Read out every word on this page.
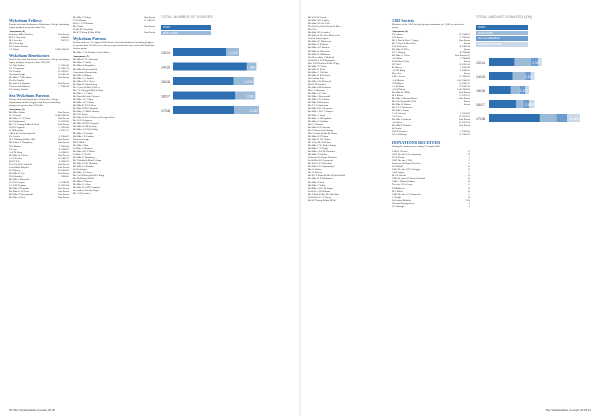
Wykeham Fellows
Donors who total donations to Winchester College (including legacy pledges) are greater than £1m
Anonymous (6)
Professor Mike Hockley	Past Parent
M D J Cheesman	1964-68
M A Leveller	1967-72
Mr R Loveday
The Linden Family
A J Whyte	ColB 1978-82
Wykeham Benefactors
Donors who total donations to Winchester College (including legacy pledges) are greater than £500,000
A J Hale Parkes	C 1965-69
J G P Ferguson	D 1965-70
D P Gordon	K 1963-67
Viscount Gough	B 1965-70
Mr Mike J T McAdam	Past Parent
The Ou Family
Mr John N P Bytman	Past Parent
F Peterworth-Murray	C 1969-58
The Vaskey Family
Sea Wykeham Patrons
Donors who total donations to Winchester College, Wykehamist and the Reggaes Sub Project (including pledges) are greater than £300,000
Anonymous (5)
Mr Mike Adlam	Past Parent
D C Fennell	ColB 1968-70
Mr Mike T C H Chan	Past Parent
K (Chaithaman)	D 1978-82
Mr C P Claring & Mrs K Duda	Past Parent
N DH Ferguson	C 1961-66
W Hollowbury	I 1967-71
Albert & Carolina Ipswich
J R Goolen	E 1964-67
Dr J H Zhang & Mrs A Ma	Past Parent
Mr Robert C Humphrey	Past Parent
D H Marlow	I 1963-64
J N Ayre	B 1983-87
A W M Kang	A 1986-91
Mr Mike K H Lam	Past Parent
J A H Lenden	K 1969-73
B M P R Li	E 1968-70
The Hon M D Ashfield	Past Parent
Lord Malik Mayhew	Past Parent
R S Morton	K 1963-67
Mr Mike D Foo	Past Parent
H M Steadley	1968-65
Mr Mike J Rainwald
J D N O Aragon	A 1946-49
J G P M Treamon	D 1963-66
Mr Mike P Thurstan	Past Parent
Ms Mike D I P Trace	Past Parent
Mr Mike P Unterannadel	Past Parent
Mr Mike A West	Past Parent
Mr Mike C Wheat	Past Parent
C R Williams	G 1985-91
& Dr C J S Williams
Mr T Watt	Past Parent
& Mrs M Chin-Watt
Mr M T Wong & Mrs M Mei	Past Parent
Wykeham Patrons
Donors with over 35 August 2018 Donors who total donations (including pledges) are greater than £10,000 over a five-year period and who have joined the Wykeham Patrons group
Mr Mike C J P Drolant, Sevier Mines
Anonymous (7)
Mr Mike D J L Alderman
Mr Mike C Amold
Mr Mike N Bengalloa
Mr Mike Bunchenthal &
Cornerstone Bandership
Mr Mike S Bishop
Mr Mike C G Burrell
Mr Mike S R V Chow
Mr Mike K Chiat Kuang
Mr J Chew & Mrs S M Lee
Mr C P Claring & Mrs K Duda
Mr Mike J C Clarke
Mr David & Lady Clement
Mr Mike A L Cobley
Mr Mike A D Collins
Mr Mike H P O G Dore
Mr Mike M H D Dunstan
Mr Mike A J Mahi Dunlop
Mr W D Endes
Mr Mike D W L Fellowes, Berenger Peters
Mr J G D Ferguson
Mr Mike M N H Ferguson
Mr Mike R J M Fernsby
Mr Mike A W M Gelding
Mr Mike J P Gordon
Mr Mike J R Grafton
Viscount Gough
Mr B Habib
Mr Mike J Hale
Dr Mike A Harrison
Mr Mike M J N Hinde
Dr Mike T H S Ho
Mr Mike D Humphrey
Mr Y Ichida & Mrs K Chang
Mr Mike P R K Hoffman
Mr Mike P S Hotaker
Dr R Johnston
Mr Mike A N Joyce
Mr A W M Kang & Mrs J Kang
Mr Mr Khaing Whelk
Mr Mike P Kameez
Mr Mike E A Kon
Mr Mike R L M U Lambert
Sir Andrew & Lady Large
Mr J A H Lenden
TOTAL NUMBER OF DONORS
OWS
NON-OWS
13/14	1,250
14/15	1,580
15/16	1,530
16/17	1,560
17/18	1,630
Mr W W H Lowrie
Mr Mike M J Lindley
Mr Mike M A D H Lill
The Hon Dr David Lloyd & Mrs
Mr O Lu
Mr Mike M A Lomley
Mr Mike & The Hon Mrs Lovell
Lord & Lady Lupton
Mr Mike P J Mackenzie
Mr Mike N K Marsh
Mr Mike A D Marlow
Mr Mike R J Metcalfe
Mr Mike R J Millman
The Hon Abbot C Mitchell
Dr & Mrs J W P Mylegards
Mrs T M Nicolson & Mr J Pigg
Mr Mike T V Ochs
Mr Mike D K Ou
Mr Mike C J R Park
Mr Mike D R Perpetot
Sir Graham Pont
Mr Mike A K M Powell
Mrs H M Priestley
Mr Mike M B Rantsche
Mrs I L Robinson
Mr Mike A P J Ros
Mr Mike J Rosenwald
Mr Mike F D S Rotter
Mr Mike M Rozmnic
Mr E T V Sanderson
Mr Mike M J J Seymour
Mr Mike J H G C Simper
Mr Mike C Smith
Mr Mike A J M Spalder
Mr Mike P A Stubbs
Mr G A Stinson
Mr Mike W D Stewart
Mr P Summers & Darling
Mrs S Smith & Mrs M Taylor
Mr Mike R N Tetton
Mr Mike H H G Tisher
Mr T Tsz Mi Dr H Yuen
Mr Mike C W Taylor Young
Mr Mike C N Tingle
Mr Mike J D P M Thomson
Mr Mike T Tolloby
Professor Sir Bryan Thwaites
Dr & Mrs R D Townsend
Mr & Dr J P H Valentine
Mr Mike P V Anlyssanadel
Mr J J Vaskey
Mr J P Waters
Mr M J P Webb & Mrs K Ijinsk-Webb
Mr Mike K E Whitmarsh
Mr Mike A West
Mr Mike C White
Mr Mike A B C M Wight
Dr & Dr C R Williams
Mr T Watt & Mrs M Chin-Watt
Dr & Mrs D C T Wong
Mr M T Wong & Mrs M Mei
1382 Society
Members of the 1382 Society (giving a minimum of £1,382 a year for five years)
Anonymous (4)
J R Ashton	H 1948-53
S W Bynes	F 1976-81
Mr A Dan & Mrs C Chang	Past Parent
Mr Y Chen & Mrs S Hei	Parent
P W W Bowett	B 1960-74
Mr Mike K M Du	Parent
R J C Ekberg	B 1980-84
Mr Mike A J Ferre	Past Parent (G)
A P Gibbs	I 1964-69
Dr & Mrs P Gohr	Parent
K F Hall	B 1953-54
M Harvey	I 1965-62
A W M Kang	A 1986-91
Mrs J Lee	Parent
P M C Lewis	G 1985-85
A W Maclay	ColI 1986-91
J M Mahon	Q 1985-57
C J M Mark	D 1969-74
A D M Mead	ColI 1984-59
Mr Mike R J Mills	Past Parent
M L Morris	D 1975-57
Mr Mike J Morton-Moore	Past Parent
Mr T W Ng & Mrs E Ho	Parent
Mr Mike K Skinner	Parent
Mr E T V Sanderson
Mr Mike J Sumer
V A L Stewart	I 1953-63
A P J Stoe	B 1970-75
Mr Mike S Sutherst	Past Parent
A P Sykes	K 1970-74
Mr Mike P Tidbard	Past Parent
& Charlie
R O K Thomas	I 1983-85
J D A Walling d	G 1983-59
DONATIONS RECEIVED
During the financial year ending 31 August 2018
1940 R J Pearce	G
1941 The late E D Armstrong	H
H J S Vinson	I
1942 The late C Hill	I
Professor Sir Bryan Thwaites	C
J K Tidball	D
1945 The late O H G Dugget	E
A R Longley	C
M J W Rowler	D
1946 Sir James H Docter Fitsmith	B
1946 C Ellinor-Gardner	H
The late J D A Gorey	G
D Middleton	K
M S Miller	D
1946 The late J G Gainsewitz	C
J J Tolgin	B
Sir Patrick Moberly	ColI
Viscount Montgomery	I
J L Oxburgh	I
TOTAL AMOUNT DONATED (£M)
OWS
NON-OWS
GA CLAIMABLE
OTHER INCOME
13/14	2,907
14/15	2,510
15/16	2,197
16/17	2,553
17/18	5,484
90 The Wykehamist Journal 2018	The Wykehamist Journal 2018 91
